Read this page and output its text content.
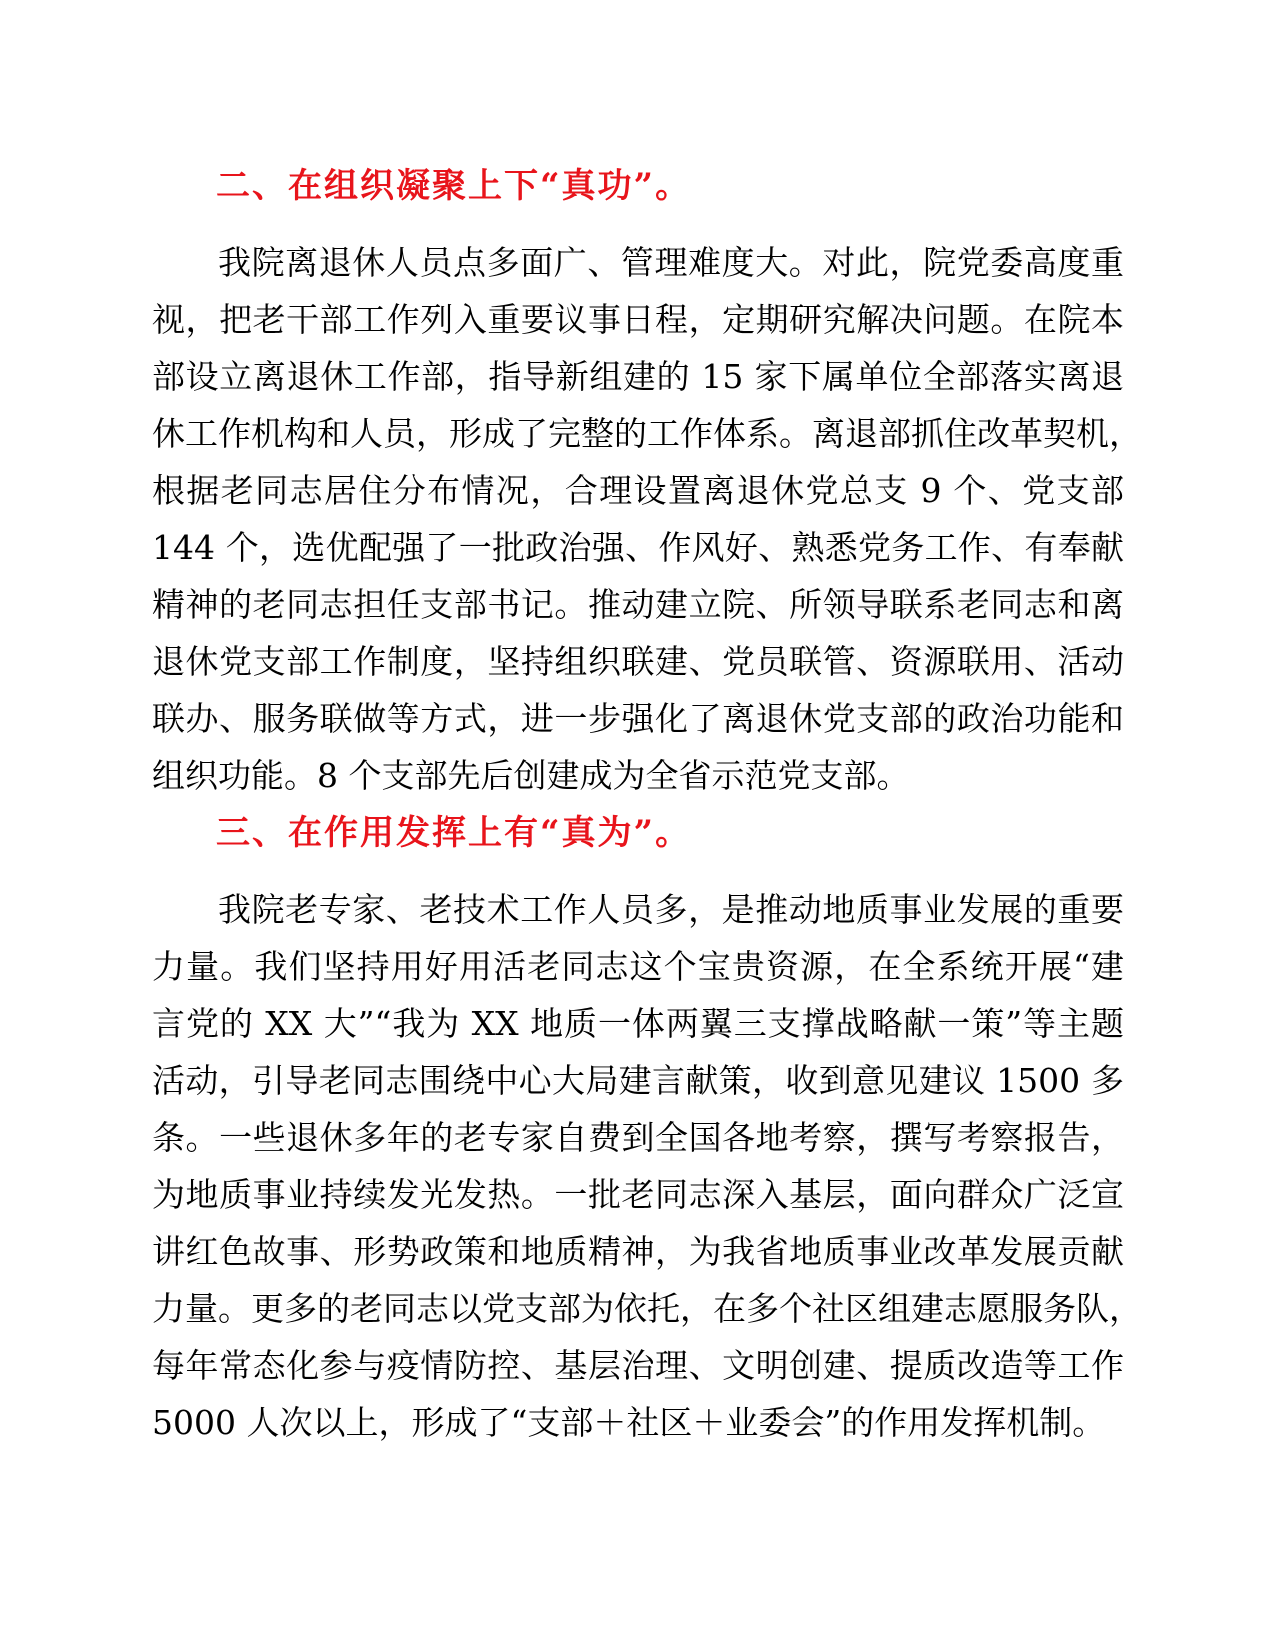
二、在组织凝聚上下“真功”。
我院离退休人员点多面广、管理难度大。对此，院党委高度重
视，把老干部工作列入重要议事日程，定期研究解决问题。在院本
部设立离退休工作部，指导新组建的 15 家下属单位全部落实离退
休工作机构和人员，形成了完整的工作体系。离退部抓住改革契机，
根据老同志居住分布情况，合理设置离退休党总支 9 个、党支部
144 个，选优配强了一批政治强、作风好、熟悉党务工作、有奉献
精神的老同志担任支部书记。推动建立院、所领导联系老同志和离
退休党支部工作制度，坚持组织联建、党员联管、资源联用、活动
联办、服务联做等方式，进一步强化了离退休党支部的政治功能和
组织功能。8 个支部先后创建成为全省示范党支部。
三、在作用发挥上有“真为”。
我院老专家、老技术工作人员多，是推动地质事业发展的重要
力量。我们坚持用好用活老同志这个宝贵资源，在全系统开展“建
言党的 XX 大”“我为 XX 地质一体两翼三支撑战略献一策”等主题
活动，引导老同志围绕中心大局建言献策，收到意见建议 1500 多
条。一些退休多年的老专家自费到全国各地考察，撰写考察报告，
为地质事业持续发光发热。一批老同志深入基层，面向群众广泛宣
讲红色故事、形势政策和地质精神，为我省地质事业改革发展贡献
力量。更多的老同志以党支部为依托，在多个社区组建志愿服务队，
每年常态化参与疫情防控、基层治理、文明创建、提质改造等工作
5000 人次以上，形成了“支部＋社区＋业委会”的作用发挥机制。
